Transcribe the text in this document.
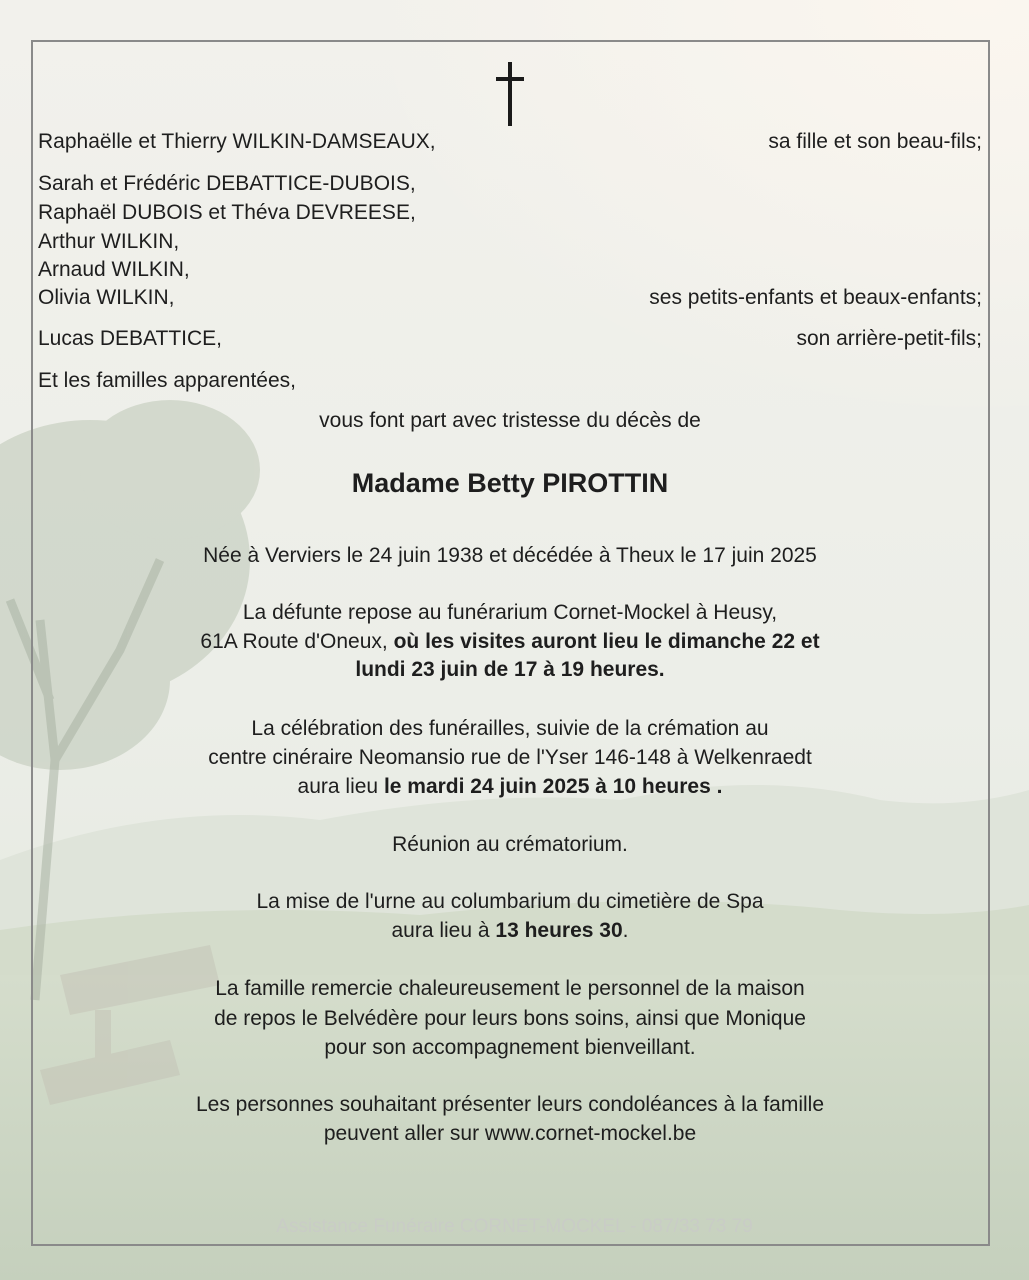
Raphaëlle et Thierry WILKIN-DAMSEAUX,	sa fille et son beau-fils;
Sarah et Frédéric DEBATTICE-DUBOIS,
Raphaël DUBOIS et Théva DEVREESE,
Arthur WILKIN,
Arnaud WILKIN,
Olivia WILKIN,	ses petits-enfants et beaux-enfants;
Lucas DEBATTICE,	son arrière-petit-fils;
Et les familles apparentées,
vous font part avec tristesse du décès de
Madame Betty PIROTTIN
Née à Verviers le 24 juin 1938 et décédée à Theux le 17 juin 2025
La défunte repose au funérarium Cornet-Mockel à Heusy,
61A Route d'Oneux, où les visites auront lieu le dimanche 22 et
lundi 23 juin de 17 à 19 heures.
La célébration des funérailles, suivie de la crémation au
centre cinéraire Neomansio rue de l'Yser 146-148 à Welkenraedt
aura lieu le mardi 24 juin 2025 à 10 heures .
Réunion au crématorium.
La mise de l'urne au columbarium du cimetière de Spa
aura lieu à 13 heures 30.
La famille remercie chaleureusement le personnel de la maison
de repos le Belvédère pour leurs bons soins, ainsi que Monique
pour son accompagnement bienveillant.
Les personnes souhaitant présenter leurs condoléances à la famille
peuvent aller sur www.cornet-mockel.be
Assistance Funéraire CORNET-MOCKEL - 087/33 73 79
